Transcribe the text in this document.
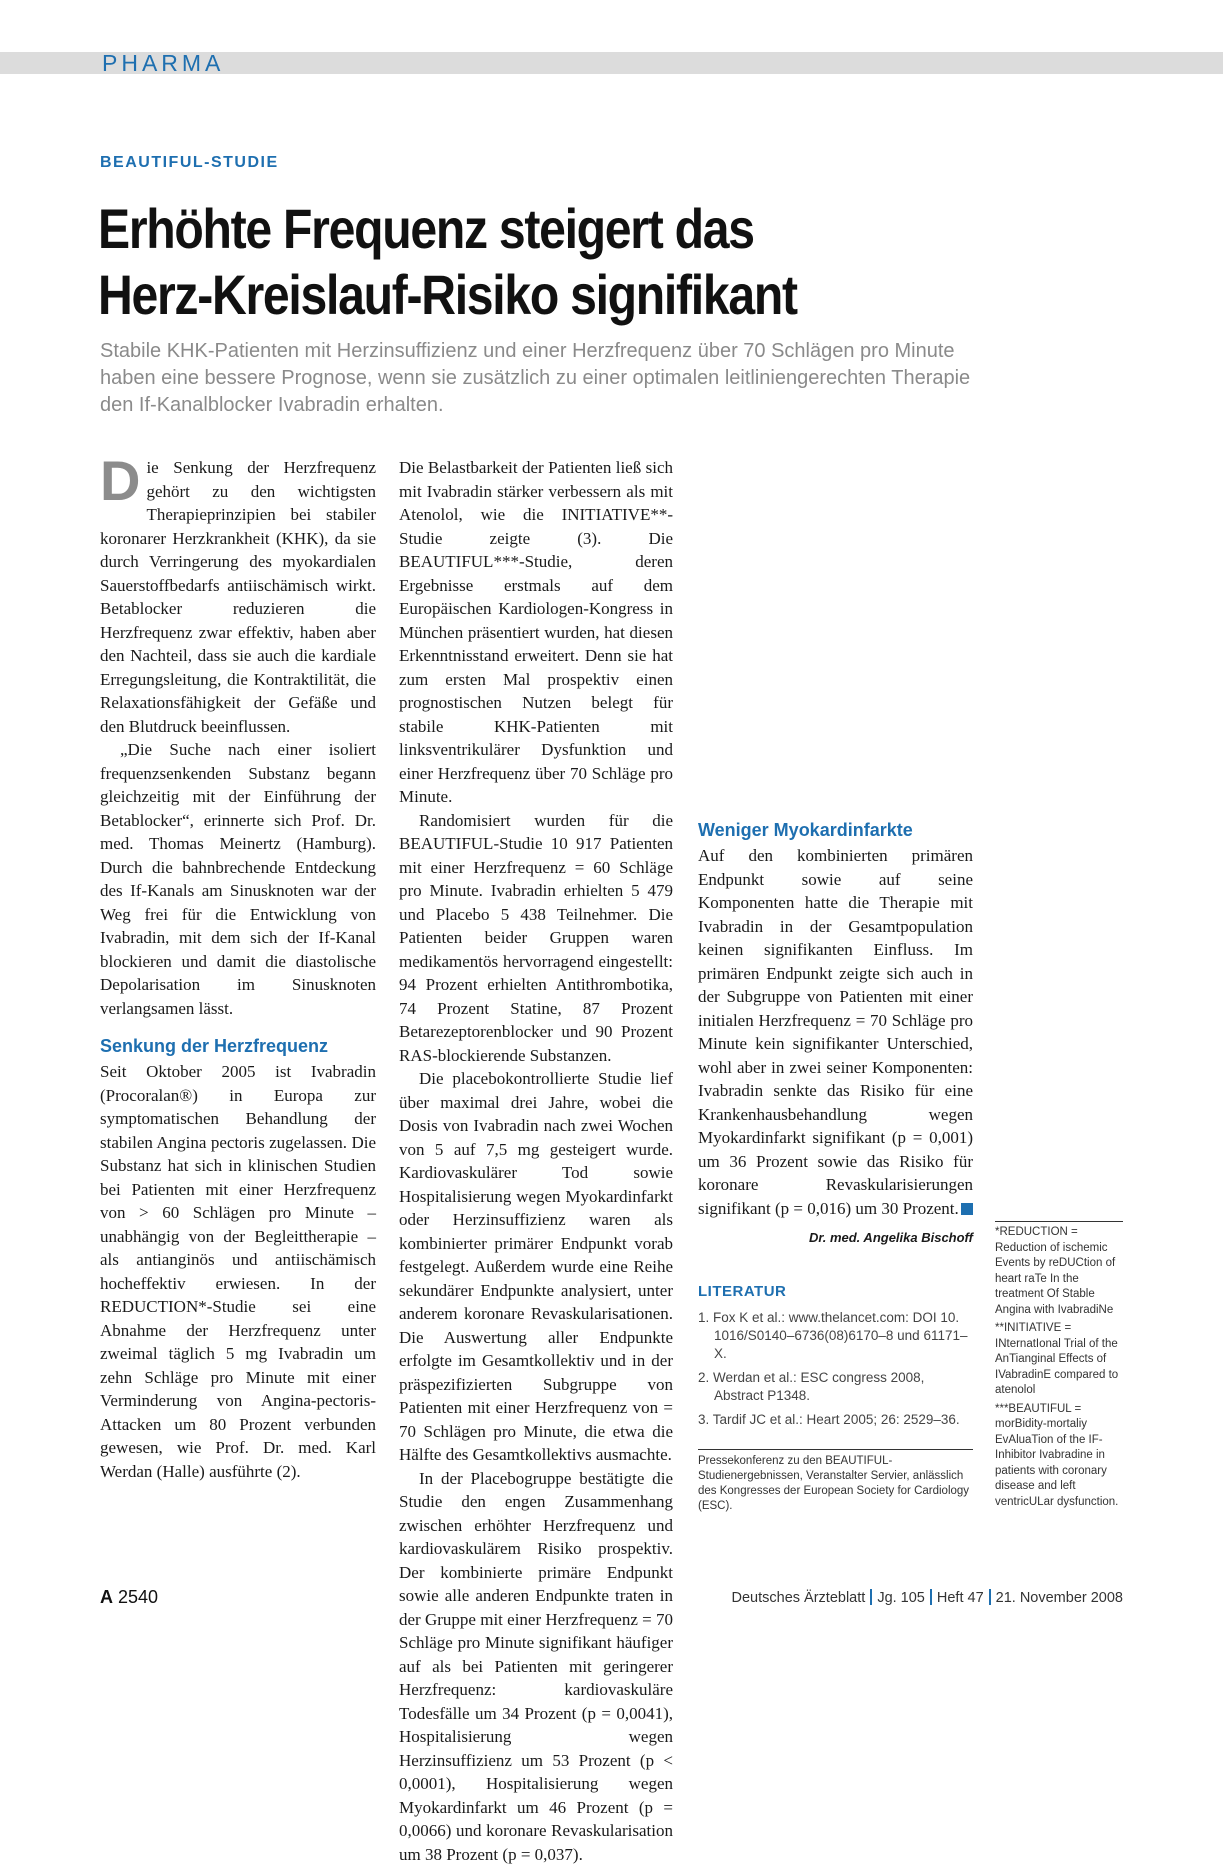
PHARMA
BEAUTIFUL-STUDIE
Erhöhte Frequenz steigert das
Herz-Kreislauf-Risiko signifikant

Stabile KHK-Patienten mit Herzinsuffizienz und einer Herzfrequenz über 70 Schlägen pro Minute haben eine bessere Prognose, wenn sie zusätzlich zu einer optimalen leitliniengerechten Therapie den If-Kanalblocker Ivabradin erhalten.

Die Senkung der Herzfrequenz gehört zu den wichtigsten Therapieprinzipien bei stabiler koronarer Herzkrankheit (KHK), da sie durch Verringerung des myokardialen Sauerstoffbedarfs antiischämisch wirkt. Betablocker reduzieren die Herzfrequenz zwar effektiv, haben aber den Nachteil, dass sie auch die kardiale Erregungsleitung, die Kontraktilität, die Relaxationsfähigkeit der Gefäße und den Blutdruck beeinflussen.

„Die Suche nach einer isoliert frequenzsenkenden Substanz begann gleichzeitig mit der Einführung der Betablocker“, erinnerte sich Prof. Dr. med. Thomas Meinertz (Hamburg). Durch die bahnbrechende Entdeckung des If-Kanals am Sinusknoten war der Weg frei für die Entwicklung von Ivabradin, mit dem sich der If-Kanal blockieren und damit die diastolische Depolarisation im Sinusknoten verlangsamen lässt.

Senkung der Herzfrequenz

Seit Oktober 2005 ist Ivabradin (Procoralan®) in Europa zur symptomatischen Behandlung der stabilen Angina pectoris zugelassen. Die Substanz hat sich in klinischen Studien bei Patienten mit einer Herzfrequenz von > 60 Schlägen pro Minute – unabhängig von der Begleittherapie – als antianginös und antiischämisch hocheffektiv erwiesen. In der REDUCTION*-Studie sei eine Abnahme der Herzfrequenz unter zweimal täglich 5 mg Ivabradin um zehn Schläge pro Minute mit einer Verminderung von Angina-pectoris-Attacken um 80 Prozent verbunden gewesen, wie Prof. Dr. med. Karl Werdan (Halle) ausführte (2).

Die Belastbarkeit der Patienten ließ sich mit Ivabradin stärker verbessern als mit Atenolol, wie die INITIATIVE**-Studie zeigte (3). Die BEAUTIFUL***-Studie, deren Ergebnisse erstmals auf dem Europäischen Kardiologen-Kongress in München präsentiert wurden, hat diesen Erkenntnisstand erweitert. Denn sie hat zum ersten Mal prospektiv einen prognostischen Nutzen belegt für stabile KHK-Patienten mit linksventrikulärer Dysfunktion und einer Herzfrequenz über 70 Schläge pro Minute.

Randomisiert wurden für die BEAUTIFUL-Studie 10 917 Patienten mit einer Herzfrequenz = 60 Schläge pro Minute. Ivabradin erhielten 5 479 und Placebo 5 438 Teilnehmer. Die Patienten beider Gruppen waren medikamentös hervorragend eingestellt: 94 Prozent erhielten Antithrombotika, 74 Prozent Statine, 87 Prozent Betarezeptorenblocker und 90 Prozent RAS-blockierende Substanzen.

Die placebokontrollierte Studie lief über maximal drei Jahre, wobei die Dosis von Ivabradin nach zwei Wochen von 5 auf 7,5 mg gesteigert wurde. Kardiovaskulärer Tod sowie Hospitalisierung wegen Myokardinfarkt oder Herzinsuffizienz waren als kombinierter primärer Endpunkt vorab festgelegt. Außerdem wurde eine Reihe sekundärer Endpunkte analysiert, unter anderem koronare Revaskularisationen. Die Auswertung aller Endpunkte erfolgte im Gesamtkollektiv und in der präspezifizierten Subgruppe von Patienten mit einer Herzfrequenz von = 70 Schlägen pro Minute, die etwa die Hälfte des Gesamtkollektivs ausmachte.

In der Placebogruppe bestätigte die Studie den engen Zusammenhang zwischen erhöhter Herzfrequenz und kardiovaskulärem Risiko prospektiv. Der kombinierte primäre Endpunkt sowie alle anderen Endpunkte traten in der Gruppe mit einer Herzfrequenz = 70 Schläge pro Minute signifikant häufiger auf als bei Patienten mit geringerer Herzfrequenz: kardiovaskuläre Todesfälle um 34 Prozent (p = 0,0041), Hospitalisierung wegen Herzinsuffizienz um 53 Prozent (p < 0,0001), Hospitalisierung wegen Myokardinfarkt um 46 Prozent (p = 0,0066) und koronare Revaskularisation um 38 Prozent (p = 0,037).

Weniger Myokardinfarkte

Auf den kombinierten primären Endpunkt sowie auf seine Komponenten hatte die Therapie mit Ivabradin in der Gesamtpopulation keinen signifikanten Einfluss. Im primären Endpunkt zeigte sich auch in der Subgruppe von Patienten mit einer initialen Herzfrequenz = 70 Schläge pro Minute kein signifikanter Unterschied, wohl aber in zwei seiner Komponenten: Ivabradin senkte das Risiko für eine Krankenhausbehandlung wegen Myokardinfarkt signifikant (p = 0,001) um 36 Prozent sowie das Risiko für koronare Revaskularisierungen signifikant (p = 0,016) um 30 Prozent.

Dr. med. Angelika Bischoff
LITERATUR
1. Fox K et al.: www.thelancet.com: DOI 10. 1016/S0140–6736(08)6170–8 und 61171–X.
2. Werdan et al.: ESC congress 2008, Abstract P1348.
3. Tardif JC et al.: Heart 2005; 26: 2529–36.
Pressekonferenz zu den BEAUTIFUL-Studienergebnissen, Veranstalter Servier, anlässlich des Kongresses der European Society for Cardiology (ESC).

*REDUCTION = Reduction of ischemic Events by reDUCtion of heart raTe In the treatment Of Stable Angina with IvabradiNe

**INITIATIVE = INternatIonal Trial of the AnTianginal Effects of IVabradinE compared to atenolol

***BEAUTIFUL = morBidity-mortaliy EvAluaTion of the IF-Inhibitor Ivabradine in patients with coronary disease and left ventricULar dysfunction.

A 2540	Deutsches Ärzteblatt Jg. 105 Heft 47 21. November 2008
